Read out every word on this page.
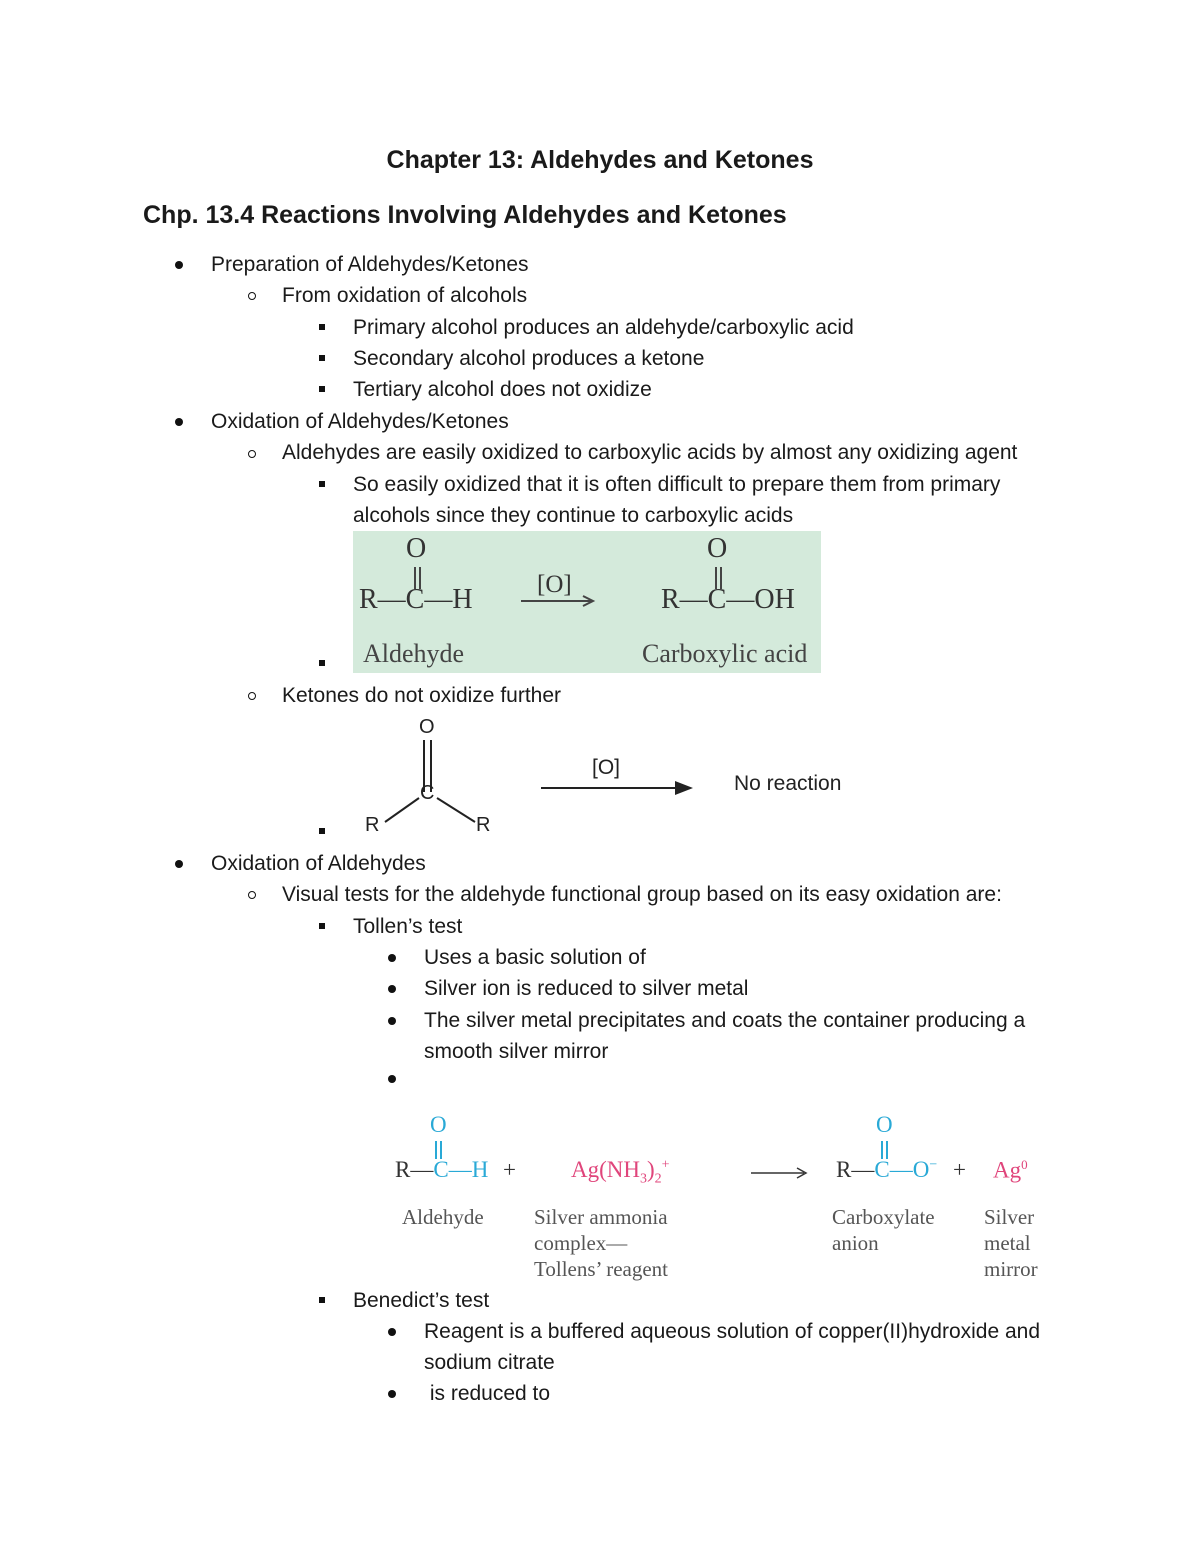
Chapter 13: Aldehydes and Ketones
Chp. 13.4 Reactions Involving Aldehydes and Ketones
Preparation of Aldehydes/Ketones
From oxidation of alcohols
Primary alcohol produces an aldehyde/carboxylic acid
Secondary alcohol produces a ketone
Tertiary alcohol does not oxidize
Oxidation of Aldehydes/Ketones
Aldehydes are easily oxidized to carboxylic acids by almost any oxidizing agent
So easily oxidized that it is often difficult to prepare them from primary
alcohols since they continue to carboxylic acids
O
R—C—H	[O]
O
R—C—OH
Aldehyde	Carboxylic acid
Ketones do not oxidize further
O
C
R	R
[O]
No reaction
Oxidation of Aldehydes
Visual tests for the aldehyde functional group based on its easy oxidation are:
Tollen’s test
Uses a basic solution of
Silver ion is reduced to silver metal
The silver metal precipitates and coats the container producing a
smooth silver mirror
O
R—C—H + $Ag(NH_3)_2^+$
O
R—C—O− + $Ag^0$
Aldehyde Silver ammonia
complex—
Tollens’ reagent
Carboxylate
anion
Silver
metal
mirror
Benedict’s test
Reagent is a buffered aqueous solution of copper(II)hydroxide and
sodium citrate
is reduced to
